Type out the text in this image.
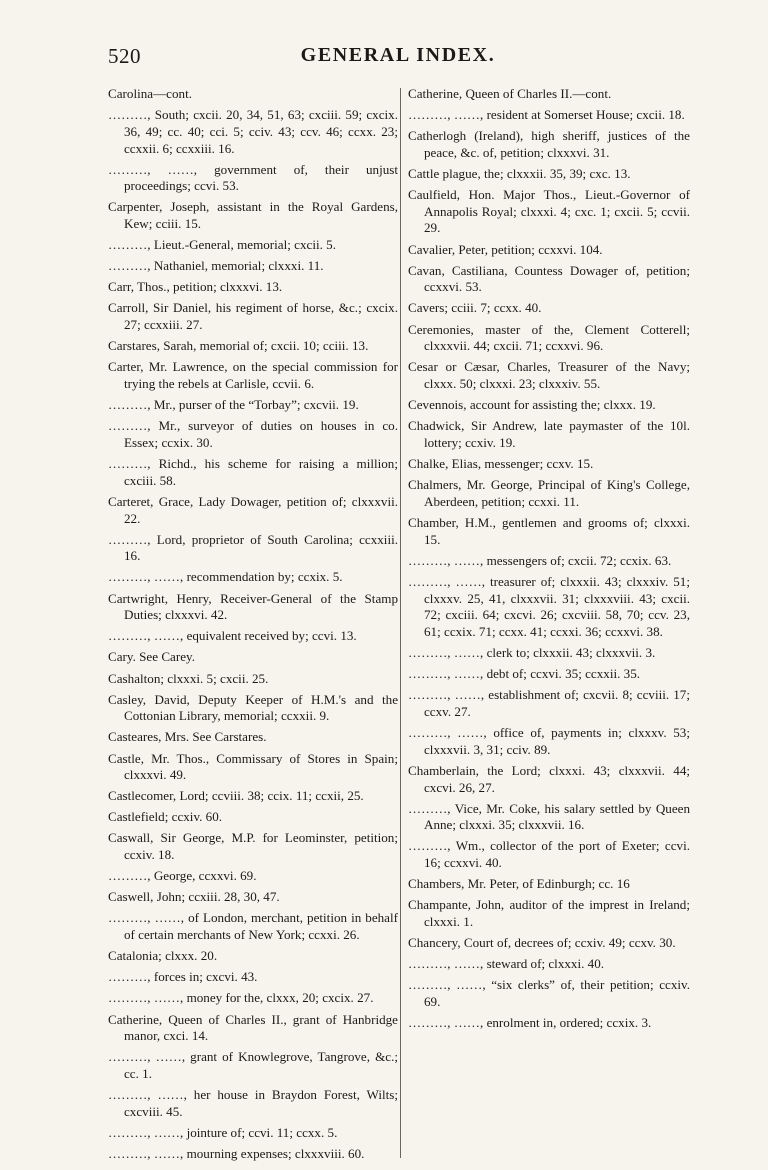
520	GENERAL INDEX.

Carolina—cont.

………, South; cxcii. 20, 34, 51, 63; cxciii. 59; cxcix. 36, 49; cc. 40; cci. 5; cciv. 43; ccv. 46; ccxx. 23; ccxxii. 6; ccxxiii. 16.

………, ……, government of, their unjust proceedings; ccvi. 53.

Carpenter, Joseph, assistant in the Royal Gardens, Kew; cciii. 15.

………, Lieut.-General, memorial; cxcii. 5.

………, Nathaniel, memorial; clxxxi. 11.

Carr, Thos., petition; clxxxvi. 13.

Carroll, Sir Daniel, his regiment of horse, &c.; cxcix. 27; ccxxiii. 27.

Carstares, Sarah, memorial of; cxcii. 10; cciii. 13.

Carter, Mr. Lawrence, on the special commission for trying the rebels at Carlisle, ccvii. 6.

………, Mr., purser of the “Torbay”; cxcvii. 19.

………, Mr., surveyor of duties on houses in co. Essex; ccxix. 30.

………, Richd., his scheme for raising a million; cxciii. 58.

Carteret, Grace, Lady Dowager, petition of; clxxxvii. 22.

………, Lord, proprietor of South Carolina; ccxxiii. 16.

………, ……, recommendation by; ccxix. 5.

Cartwright, Henry, Receiver-General of the Stamp Duties; clxxxvi. 42.

………, ……, equivalent received by; ccvi. 13.

Cary. See Carey.

Cashalton; clxxxi. 5; cxcii. 25.

Casley, David, Deputy Keeper of H.M.'s and the Cottonian Library, memorial; ccxxii. 9.

Casteares, Mrs. See Carstares.

Castle, Mr. Thos., Commissary of Stores in Spain; clxxxvi. 49.

Castlecomer, Lord; ccviii. 38; ccix. 11; ccxii, 25.

Castlefield; ccxiv. 60.

Caswall, Sir George, M.P. for Leominster, petition; ccxiv. 18.

………, George, ccxxvi. 69.

Caswell, John; ccxiii. 28, 30, 47.

………, ……, of London, merchant, petition in behalf of certain merchants of New York; ccxxi. 26.

Catalonia; clxxx. 20.

………, forces in; cxcvi. 43.

………, ……, money for the, clxxx, 20; cxcix. 27.

Catherine, Queen of Charles II., grant of Hanbridge manor, cxci. 14.

………, ……, grant of Knowlegrove, Tangrove, &c.; cc. 1.

………, ……, her house in Braydon Forest, Wilts; cxcviii. 45.

………, ……, jointure of; ccvi. 11; ccxx. 5.

………, ……, mourning expenses; clxxxviii. 60.

Catherine, Queen of Charles II.—cont.

………, ……, resident at Somerset House; cxcii. 18.

Catherlogh (Ireland), high sheriff, justices of the peace, &c. of, petition; clxxxvi. 31.

Cattle plague, the; clxxxii. 35, 39; cxc. 13.

Caulfield, Hon. Major Thos., Lieut.-Governor of Annapolis Royal; clxxxi. 4; cxc. 1; cxcii. 5; ccvii. 29.

Cavalier, Peter, petition; ccxxvi. 104.

Cavan, Castiliana, Countess Dowager of, petition; ccxxvi. 53.

Cavers; cciii. 7; ccxx. 40.

Ceremonies, master of the, Clement Cotterell; clxxxvii. 44; cxcii. 71; ccxxvi. 96.

Cesar or Cæsar, Charles, Treasurer of the Navy; clxxx. 50; clxxxi. 23; clxxxiv. 55.

Cevennois, account for assisting the; clxxx. 19.

Chadwick, Sir Andrew, late paymaster of the 10l. lottery; ccxiv. 19.

Chalke, Elias, messenger; ccxv. 15.

Chalmers, Mr. George, Principal of King's College, Aberdeen, petition; ccxxi. 11.

Chamber, H.M., gentlemen and grooms of; clxxxi. 15.

………, ……, messengers of; cxcii. 72; ccxix. 63.

………, ……, treasurer of; clxxxii. 43; clxxxiv. 51; clxxxv. 25, 41, clxxxvii. 31; clxxxviii. 43; cxcii. 72; cxciii. 64; cxcvi. 26; cxcviii. 58, 70; ccv. 23, 61; ccxix. 71; ccxx. 41; ccxxi. 36; ccxxvi. 38.

………, ……, clerk to; clxxxii. 43; clxxxvii. 3.

………, ……, debt of; ccxvi. 35; ccxxii. 35.

………, ……, establishment of; cxcvii. 8; ccviii. 17; ccxv. 27.

………, ……, office of, payments in; clxxxv. 53; clxxxvii. 3, 31; cciv. 89.

Chamberlain, the Lord; clxxxi. 43; clxxxvii. 44; cxcvi. 26, 27.

………, Vice, Mr. Coke, his salary settled by Queen Anne; clxxxi. 35; clxxxvii. 16.

………, Wm., collector of the port of Exeter; ccvi. 16; ccxxvi. 40.

Chambers, Mr. Peter, of Edinburgh; cc. 16

Champante, John, auditor of the imprest in Ireland; clxxxi. 1.

Chancery, Court of, decrees of; ccxiv. 49; ccxv. 30.

………, ……, steward of; clxxxi. 40.

………, ……, “six clerks” of, their petition; ccxiv. 69.

………, ……, enrolment in, ordered; ccxix. 3.
